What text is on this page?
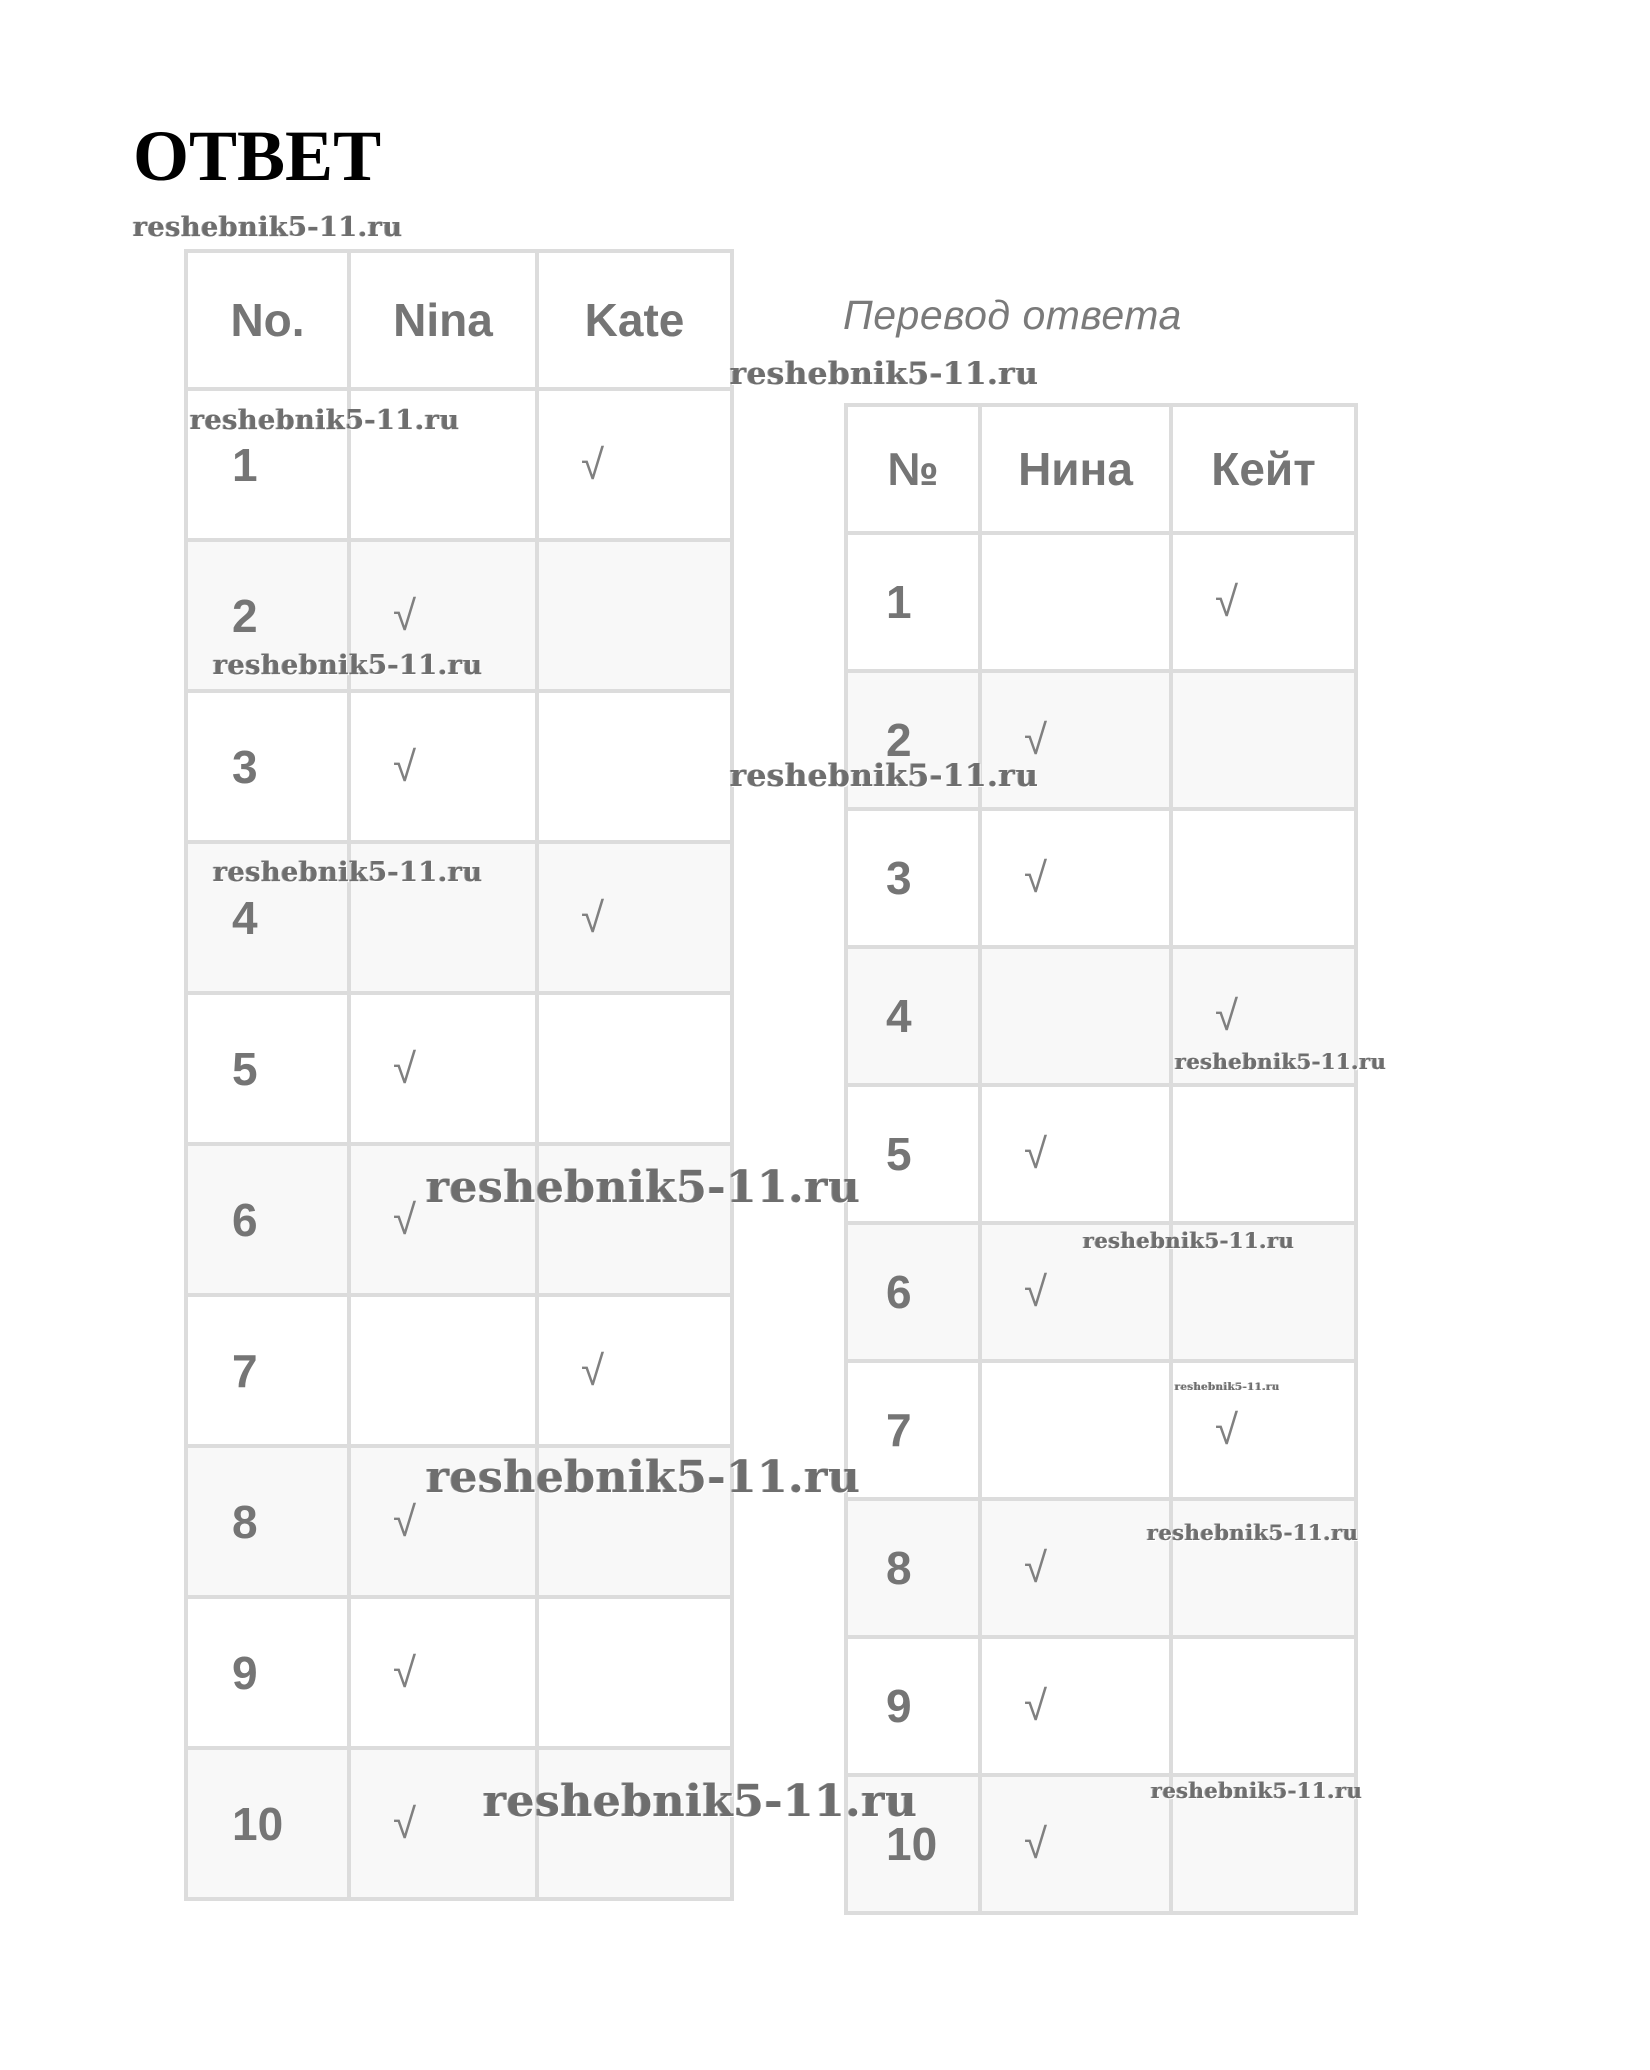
ОТВЕТ
Перевод ответа
No.	Nina	Kate
1		√
2	√	
3	√	
4		√
5	√	
6	√	
7		√
8	√	
9	√	
10	√	
№	Нина	Кейт
1		√
2	√	
3	√	
4		√
5	√	
6	√	
7		√
8	√	
9	√	
10	√	
reshebnik5-11.ru
reshebnik5-11.ru
reshebnik5-11.ru
reshebnik5-11.ru
reshebnik5-11.ru
reshebnik5-11.ru
reshebnik5-11.ru
reshebnik5-11.ru
reshebnik5-11.ru
reshebnik5-11.ru
reshebnik5-11.ru
reshebnik5-11.ru
reshebnik5-11.ru
reshebnik5-11.ru
